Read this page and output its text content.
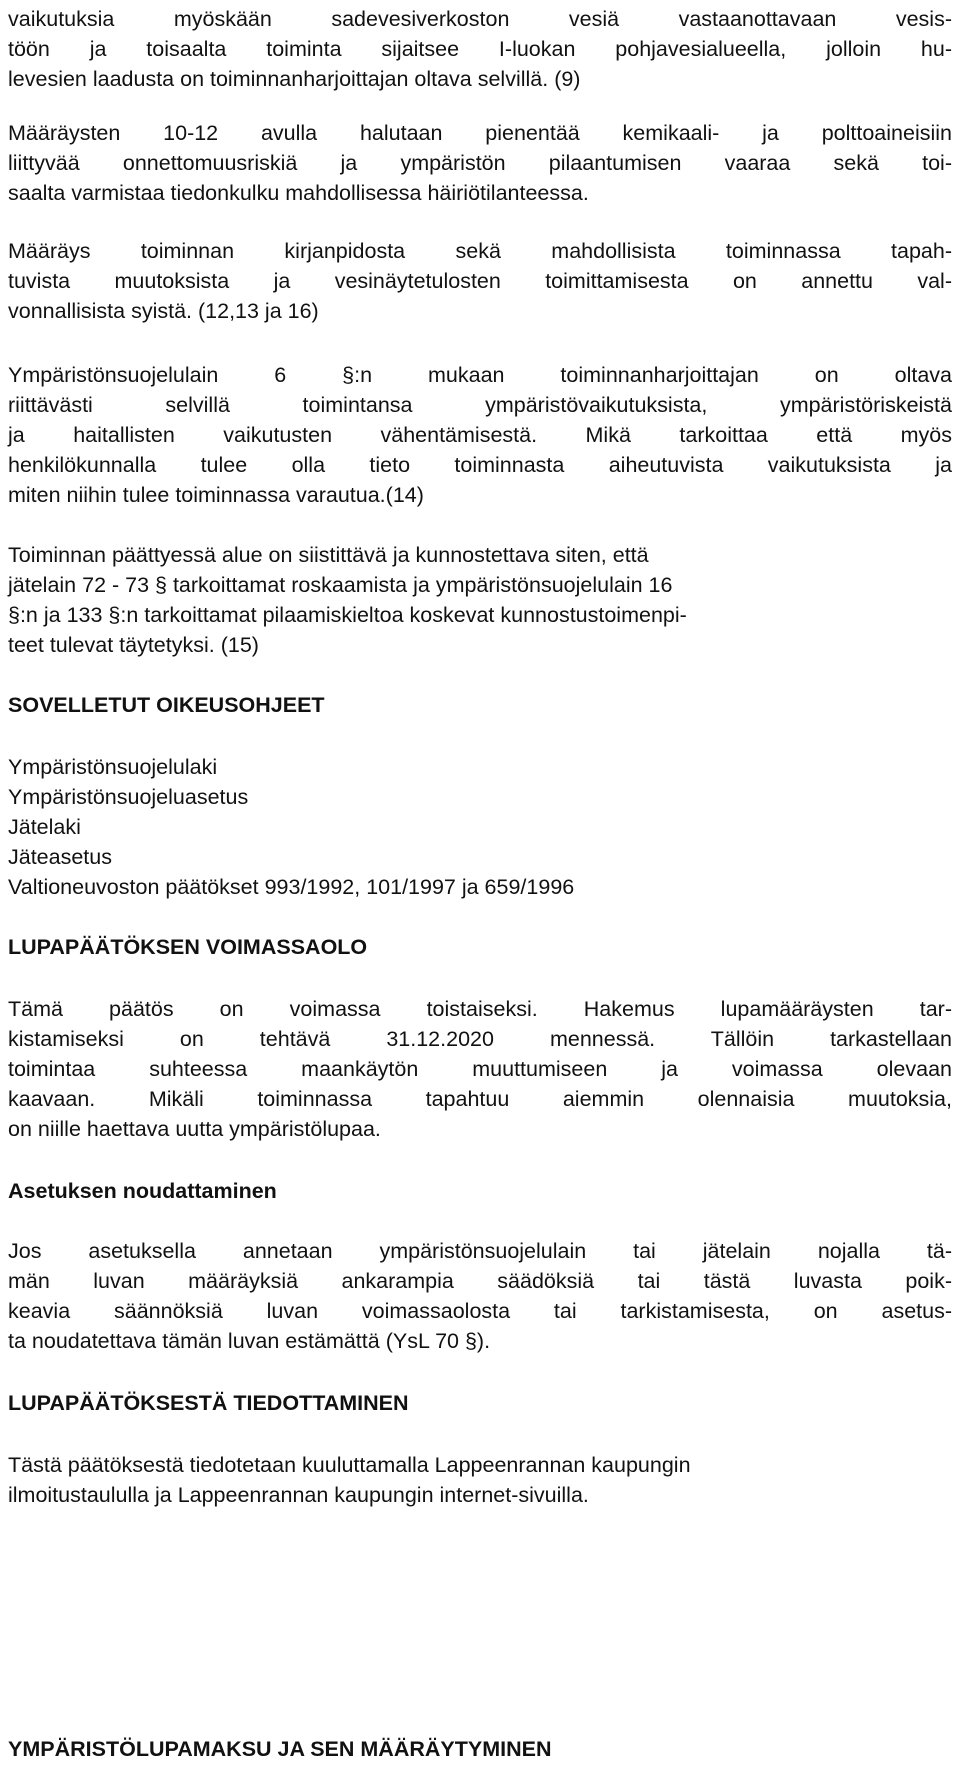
vaikutuksia myöskään sadevesiverkoston vesiä vastaanottavaan vesis-
töön ja toisaalta toiminta sijaitsee I-luokan pohjavesialueella, jolloin hu-
levesien laadusta on toiminnanharjoittajan oltava selvillä. (9)
Määräysten 10-12 avulla halutaan pienentää kemikaali- ja polttoaineisiin
liittyvää onnettomuusriskiä ja ympäristön pilaantumisen vaaraa sekä toi-
saalta varmistaa tiedonkulku mahdollisessa häiriötilanteessa.
Määräys toiminnan kirjanpidosta sekä mahdollisista toiminnassa tapah-
tuvista muutoksista ja vesinäytetulosten toimittamisesta on annettu val-
vonnallisista syistä. (12,13 ja 16)
Ympäristönsuojelulain 6 §:n mukaan toiminnanharjoittajan on oltava
riittävästi selvillä toimintansa ympäristövaikutuksista, ympäristöriskeistä
ja haitallisten vaikutusten vähentämisestä. Mikä tarkoittaa että myös
henkilökunnalla tulee olla tieto toiminnasta aiheutuvista vaikutuksista ja
miten niihin tulee toiminnassa varautua.(14)
Toiminnan päättyessä alue on siistittävä ja kunnostettava siten, että
jätelain 72 - 73 § tarkoittamat roskaamista ja ympäristönsuojelulain 16
§:n ja 133 §:n tarkoittamat pilaamiskieltoa koskevat kunnostustoimenpi-
teet tulevat täytetyksi. (15)
SOVELLETUT OIKEUSOHJEET
Ympäristönsuojelulaki
Ympäristönsuojeluasetus
Jätelaki
Jäteasetus
Valtioneuvoston päätökset 993/1992, 101/1997 ja 659/1996
LUPAPÄÄTÖKSEN VOIMASSAOLO
Tämä päätös on voimassa toistaiseksi. Hakemus lupamääräysten tar-
kistamiseksi on tehtävä 31.12.2020 mennessä. Tällöin tarkastellaan
toimintaa suhteessa maankäytön muuttumiseen ja voimassa olevaan
kaavaan. Mikäli toiminnassa tapahtuu aiemmin olennaisia muutoksia,
on niille haettava uutta ympäristölupaa.
Asetuksen noudattaminen
Jos asetuksella annetaan ympäristönsuojelulain tai jätelain nojalla tä-
män luvan määräyksiä ankarampia säädöksiä tai tästä luvasta poik-
keavia säännöksiä luvan voimassaolosta tai tarkistamisesta, on asetus-
ta noudatettava tämän luvan estämättä (YsL 70 §).
LUPAPÄÄTÖKSESTÄ TIEDOTTAMINEN
Tästä päätöksestä tiedotetaan kuuluttamalla Lappeenrannan kaupungin
ilmoitustaululla ja Lappeenrannan kaupungin internet-sivuilla.
YMPÄRISTÖLUPAMAKSU JA SEN MÄÄRÄYTYMINEN
